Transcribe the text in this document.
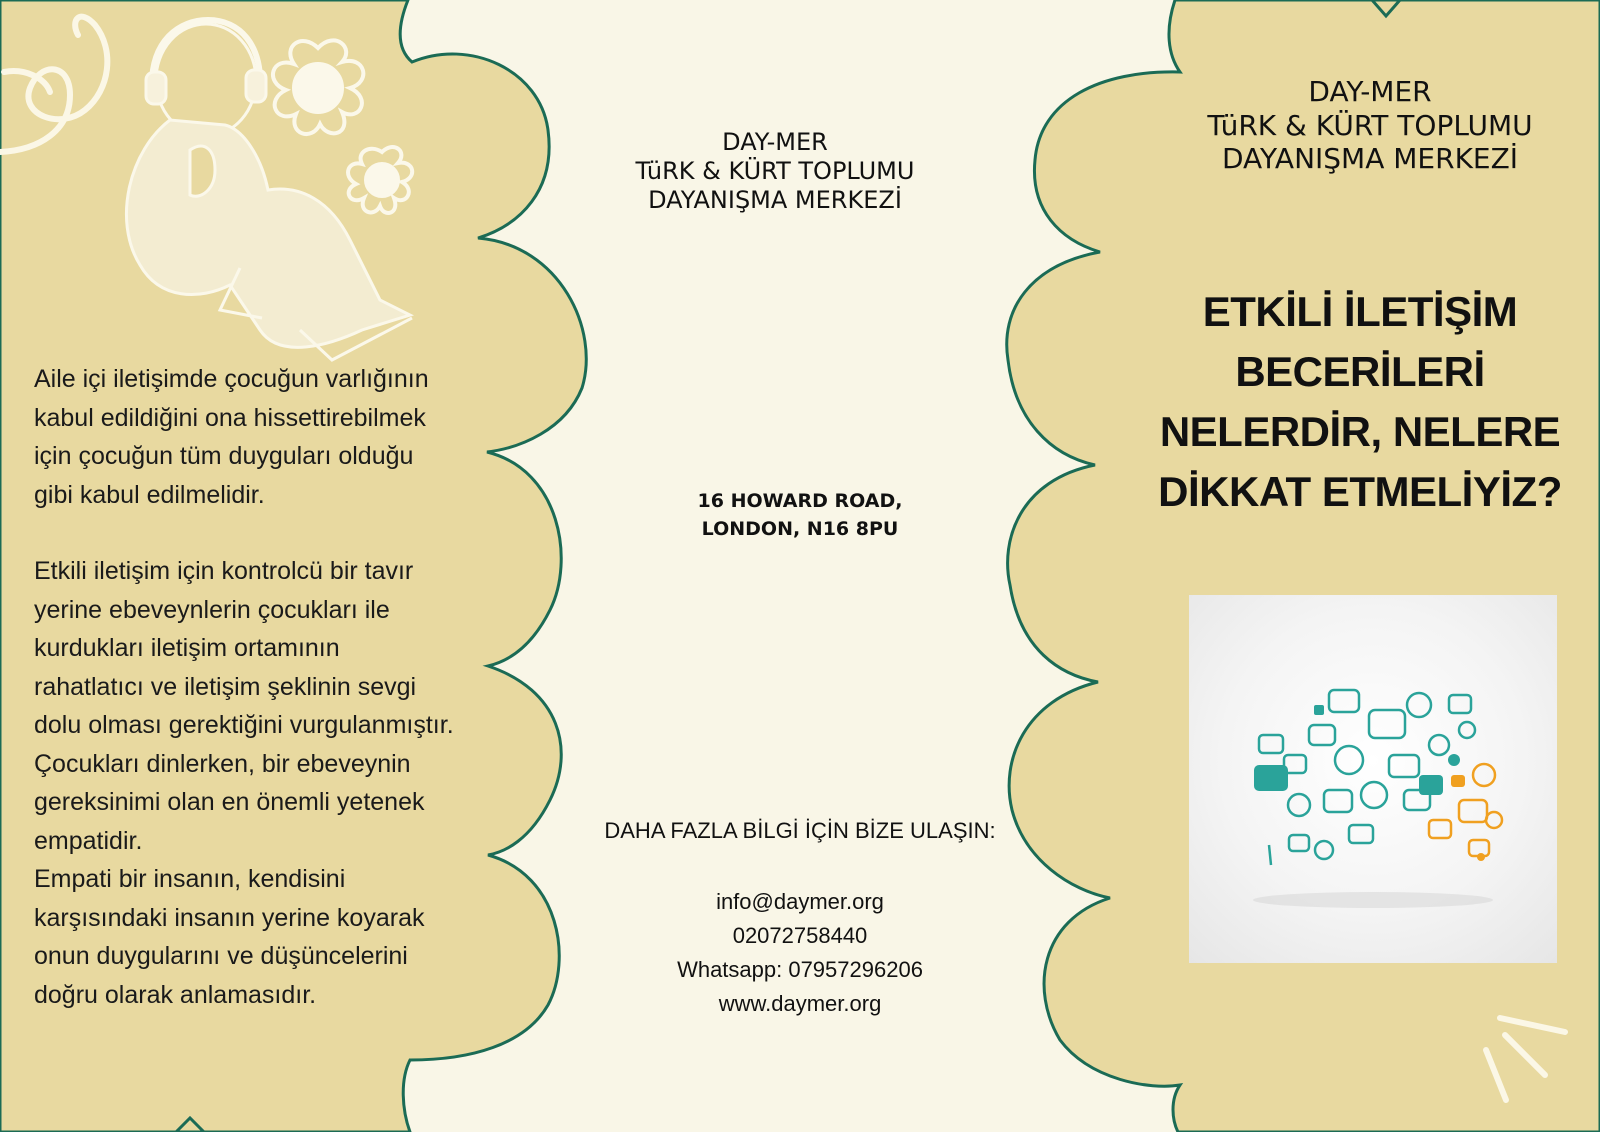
DAY-MER
TüRK & KÜRT TOPLUMU
DAYANIŞMA MERKEZİ
ETKİLİ İLETİŞİM
BECERİLERİ
NELERDİR, NELERE
DİKKAT ETMELİYİZ?
DAY-MER
TüRK & KÜRT TOPLUMU
DAYANIŞMA MERKEZİ
16 HOWARD ROAD,
LONDON, N16 8PU
DAHA FAZLA BİLGİ İÇİN BİZE ULAŞIN:
info@daymer.org
02072758440
Whatsapp: 07957296206
www.daymer.org

Aile içi iletişimde çocuğun varlığının kabul edildiğini ona hissettirebilmek için çocuğun tüm duyguları olduğu gibi kabul edilmelidir.

Etkili iletişim için kontrolcü bir tavır yerine ebeveynlerin çocukları ile kurdukları iletişim ortamının rahatlatıcı ve iletişim şeklinin sevgi dolu olması gerektiğini vurgulanmıştır.

Çocukları dinlerken, bir ebeveynin gereksinimi olan en önemli yetenek empatidir.

Empati bir insanın, kendisini karşısındaki insanın yerine koyarak onun duygularını ve düşüncelerini doğru olarak anlamasıdır.
